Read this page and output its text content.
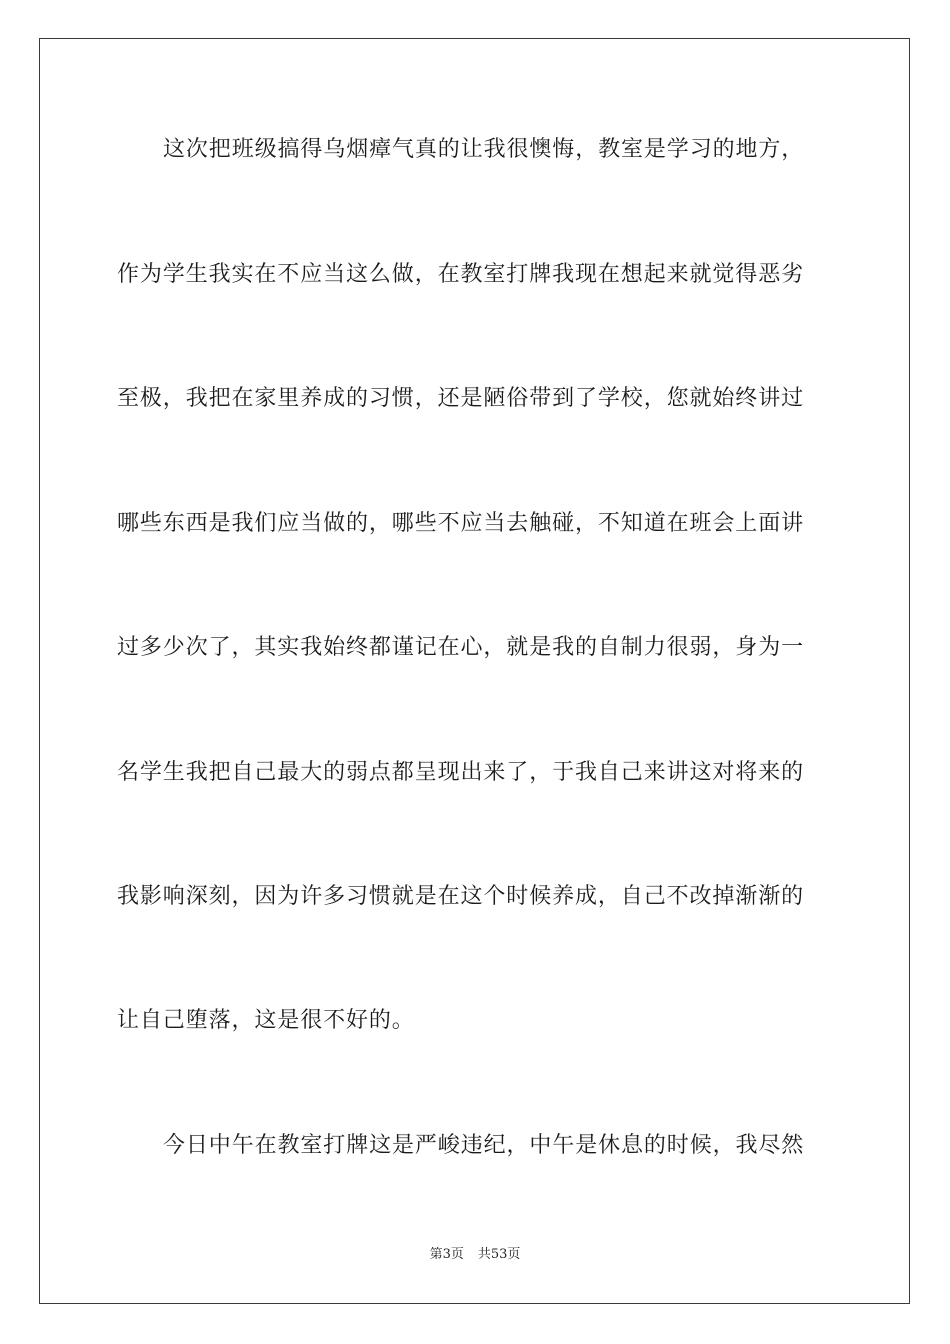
这次把班级搞得乌烟瘴气真的让我很懊悔，教室是学习的地方，
作为学生我实在不应当这么做，在教室打牌我现在想起来就觉得恶劣
至极，我把在家里养成的习惯，还是陋俗带到了学校，您就始终讲过
哪些东西是我们应当做的，哪些不应当去触碰，不知道在班会上面讲
过多少次了，其实我始终都谨记在心，就是我的自制力很弱，身为一
名学生我把自己最大的弱点都呈现出来了，于我自己来讲这对将来的
我影响深刻，因为许多习惯就是在这个时候养成，自己不改掉渐渐的
让自己堕落，这是很不好的。
今日中午在教室打牌这是严峻违纪，中午是休息的时候，我尽然
第3页 共53页
